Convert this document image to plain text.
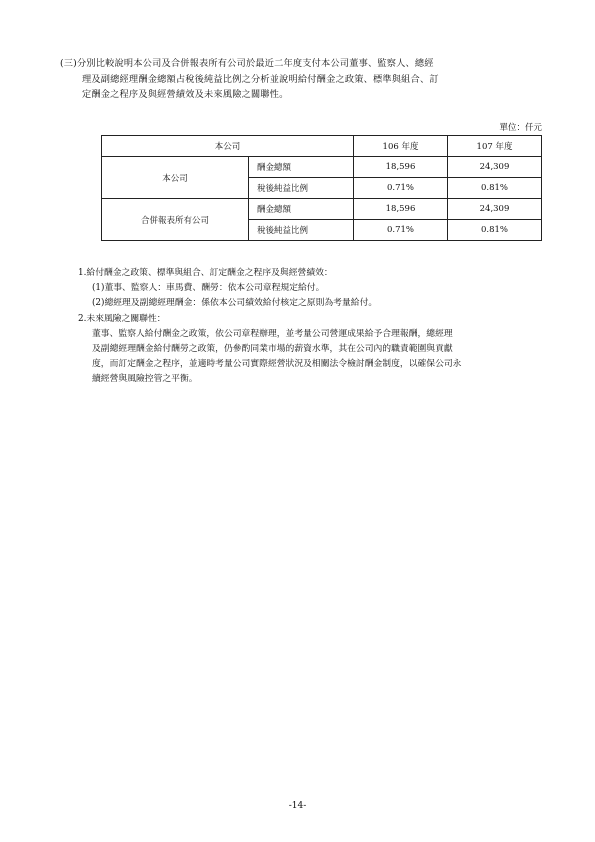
(三)分別比較說明本公司及合併報表所有公司於最近二年度支付本公司董事、監察人、總經
理及副總經理酬金總額占稅後純益比例之分析並說明給付酬金之政策、標準與組合、訂
定酬金之程序及與經營績效及未來風險之關聯性。
單位：仟元
本公司		106 年度	107 年度
本公司	酬金總額	18,596	24,309
	稅後純益比例	0.71%	0.81%
合併報表所有公司	酬金總額	18,596	24,309
	稅後純益比例	0.71%	0.81%
1.給付酬金之政策、標準與組合、訂定酬金之程序及與經營績效：
(1)董事、監察人：車馬費、酬勞：依本公司章程規定給付。
(2)總經理及副總經理酬金：係依本公司績效給付核定之原則為考量給付。
2.未來風險之關聯性：
董事、監察人給付酬金之政策，依公司章程辦理，並考量公司營運成果給予合理報酬，總經理
及副總經理酬金給付酬勞之政策，仍參酌同業市場的薪資水準，其在公司內的職責範圍與貢獻
度，而訂定酬金之程序，並適時考量公司實際經營狀況及相關法令檢討酬金制度，以確保公司永
續經營與風險控管之平衡。
-14-
